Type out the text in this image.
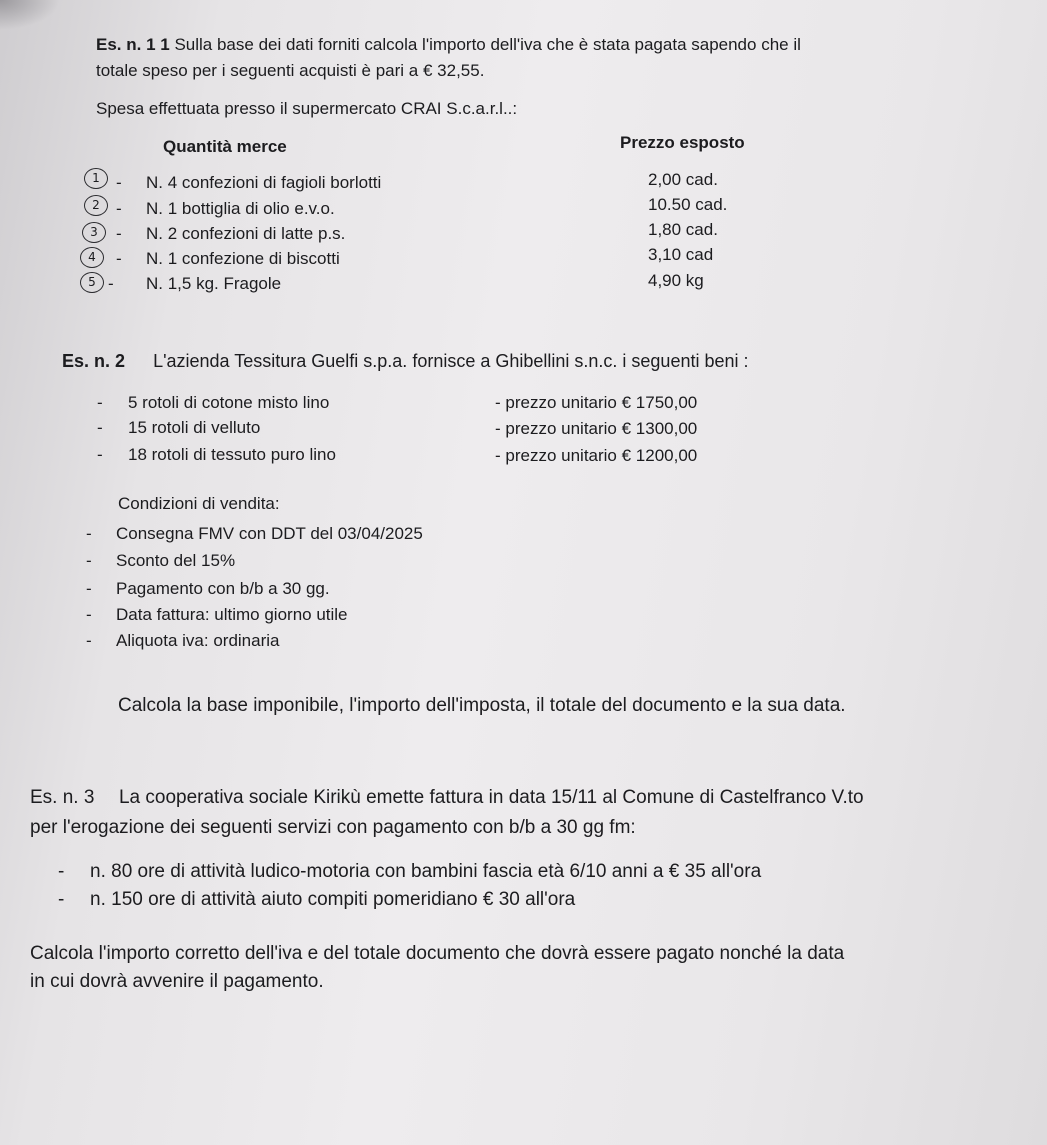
Es. n. 1 1 Sulla base dei dati forniti calcola l'importo dell'iva che è stata pagata sapendo che il
totale speso per i seguenti acquisti è pari a € 32,55.
Spesa effettuata presso il supermercato CRAI S.c.a.r.l..:
Quantità merce	Prezzo esposto
1 - N. 4 confezioni di fagioli borlotti	2,00 cad.
2 - N. 1 bottiglia di olio e.v.o.	10.50 cad.
3	- N. 2 confezioni di latte p.s.	1,80 cad.
4	- N. 1 confezione di biscotti	3,10 cad
5 - N. 1,5 kg. Fragole	4,90 kg
Es. n. 2 L'azienda Tessitura Guelfi s.p.a. fornisce a Ghibellini s.n.c. i seguenti beni :
- 5 rotoli di cotone misto lino	- prezzo unitario € 1750,00
- 15 rotoli di velluto	- prezzo unitario € 1300,00
- 18 rotoli di tessuto puro lino	- prezzo unitario € 1200,00
Condizioni di vendita:
- Consegna FMV con DDT del 03/04/2025
- Sconto del 15%
- Pagamento con b/b a 30 gg.
- Data fattura: ultimo giorno utile
- Aliquota iva: ordinaria
Calcola la base imponibile, l'importo dell'imposta, il totale del documento e la sua data.
Es. n. 3 La cooperativa sociale Kirikù emette fattura in data 15/11 al Comune di Castelfranco V.to
per l'erogazione dei seguenti servizi con pagamento con b/b a 30 gg fm:
- n. 80 ore di attività ludico-motoria con bambini fascia età 6/10 anni a € 35 all'ora
- n. 150 ore di attività aiuto compiti pomeridiano € 30 all'ora
Calcola l'importo corretto dell'iva e del totale documento che dovrà essere pagato nonché la data
in cui dovrà avvenire il pagamento.
